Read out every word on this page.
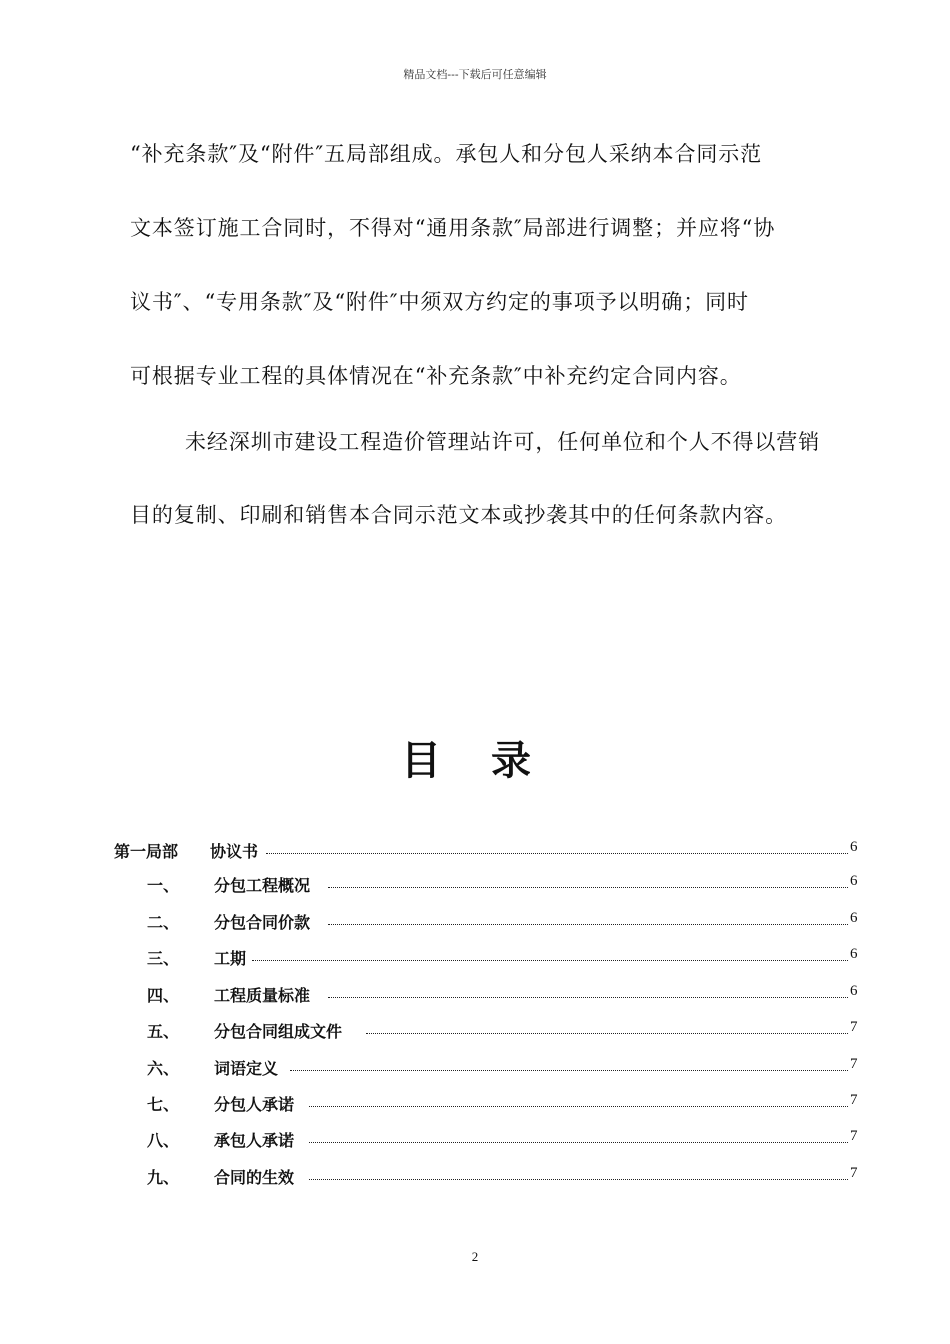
精品文档---下载后可任意编辑
“补充条款″及“附件″五局部组成。承包人和分包人采纳本合同示范
文本签订施工合同时，不得对“通用条款″局部进行调整；并应将“协
议书″、“专用条款″及“附件″中须双方约定的事项予以明确；同时
可根据专业工程的具体情况在“补充条款″中补充约定合同内容。
未经深圳市建设工程造价管理站许可，任何单位和个人不得以营销
目的复制、印刷和销售本合同示范文本或抄袭其中的任何条款内容。
目 录
第一局部 协议书	6
一、 分包工程概况	6
二、 分包合同价款	6
三、 工期	6
四、 工程质量标准	6
五、 分包合同组成文件	7
六、 词语定义	7
七、 分包人承诺	7
八、 承包人承诺	7
九、 合同的生效	7
2
